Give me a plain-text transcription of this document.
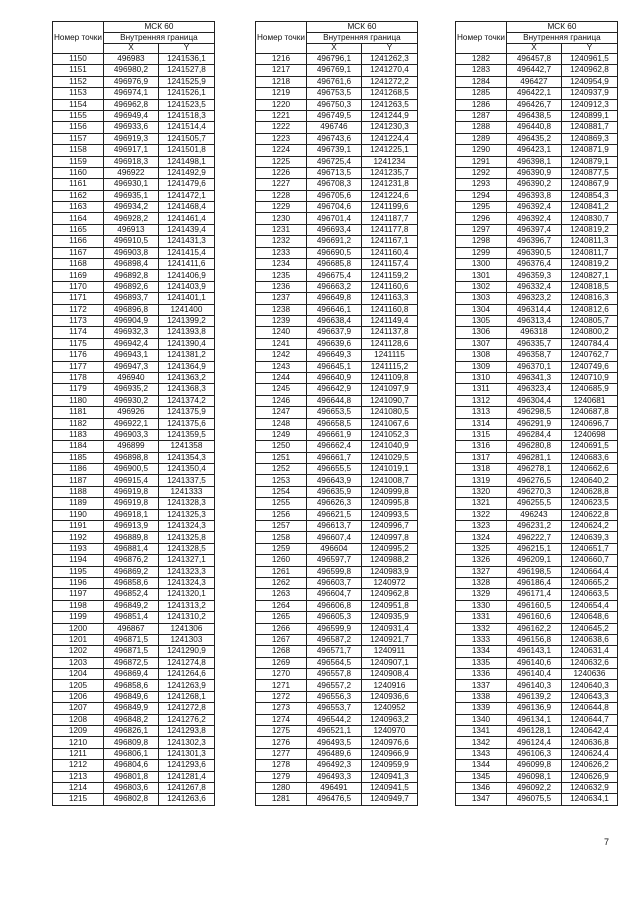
Номер точки	МСК 60	
	Внутренняя граница	
	X	Y
1150	496983	1241536,1
1151	496980,2	1241527,8
1152	496976,9	1241525,9
1153	496974,1	1241526,1
1154	496962,8	1241523,5
1155	496949,4	1241518,3
1156	496933,6	1241514,4
1157	496919,3	1241505,7
1158	496917,1	1241501,8
1159	496918,3	1241498,1
1160	496922	1241492,9
1161	496930,1	1241479,6
1162	496935,1	1241472,1
1163	496934,2	1241468,4
1164	496928,2	1241461,4
1165	496913	1241439,4
1166	496910,5	1241431,3
1167	496903,8	1241415,4
1168	496898,4	1241411,6
1169	496892,8	1241406,9
1170	496892,6	1241403,9
1171	496893,7	1241401,1
1172	496896,8	1241400
1173	496904,9	1241399,2
1174	496932,3	1241393,8
1175	496942,4	1241390,4
1176	496943,1	1241381,2
1177	496947,3	1241364,9
1178	496940	1241363,2
1179	496935,2	1241368,3
1180	496930,2	1241374,2
1181	496926	1241375,9
1182	496922,1	1241375,6
1183	496903,3	1241359,5
1184	496899	1241358
1185	496898,8	1241354,3
1186	496900,5	1241350,4
1187	496915,4	1241337,5
1188	496919,8	1241333
1189	496919,8	1241328,3
1190	496918,1	1241325,3
1191	496913,9	1241324,3
1192	496889,8	1241325,8
1193	496881,4	1241328,5
1194	496876,2	1241327,1
1195	496869,2	1241323,3
1196	496858,6	1241324,3
1197	496852,4	1241320,1
1198	496849,2	1241313,2
1199	496851,4	1241310,2
1200	496867	1241306
1201	496871,5	1241303
1202	496871,5	1241290,9
1203	496872,5	1241274,8
1204	496869,4	1241264,6
1205	496858,6	1241263,9
1206	496849,6	1241268,1
1207	496849,9	1241272,8
1208	496848,2	1241276,2
1209	496826,1	1241293,8
1210	496809,8	1241302,3
1211	496806,1	1241301,3
1212	496804,6	1241293,6
1213	496801,8	1241281,4
1214	496803,6	1241267,8
1215	496802,8	1241263,6
Номер точки	МСК 60	
	Внутренняя граница	
	X	Y
1216	496796,1	1241262,3
1217	496769,1	1241270,4
1218	496761,6	1241272,2
1219	496753,5	1241268,5
1220	496750,3	1241263,5
1221	496749,5	1241244,9
1222	496746	1241230,3
1223	496743,6	1241224,4
1224	496739,1	1241225,1
1225	496725,4	1241234
1226	496713,5	1241235,7
1227	496708,3	1241231,8
1228	496705,6	1241224,6
1229	496704,6	1241199,6
1230	496701,4	1241187,7
1231	496693,4	1241177,8
1232	496691,2	1241167,1
1233	496690,5	1241160,4
1234	496685,8	1241157,4
1235	496675,4	1241159,2
1236	496663,2	1241160,6
1237	496649,8	1241163,3
1238	496646,1	1241160,8
1239	496638,4	1241149,4
1240	496637,9	1241137,8
1241	496639,6	1241128,6
1242	496649,3	1241115
1243	496645,1	1241115,2
1244	496640,9	1241109,8
1245	496642,9	1241097,9
1246	496644,8	1241090,7
1247	496653,5	1241080,5
1248	496658,5	1241067,6
1249	496661,9	1241052,3
1250	496662,4	1241040,9
1251	496661,7	1241029,5
1252	496655,5	1241019,1
1253	496643,9	1241008,7
1254	496635,9	1240999,8
1255	496626,3	1240995,8
1256	496621,5	1240993,5
1257	496613,7	1240996,7
1258	496607,4	1240997,8
1259	496604	1240995,2
1260	496597,7	1240988,2
1261	496599,8	1240983,9
1262	496603,7	1240972
1263	496604,7	1240962,8
1264	496606,8	1240951,8
1265	496605,3	1240935,9
1266	496599,9	1240931,4
1267	496587,2	1240921,7
1268	496571,7	1240911
1269	496564,5	1240907,1
1270	496557,8	1240908,4
1271	496557,2	1240916
1272	496556,3	1240936,6
1273	496553,7	1240952
1274	496544,2	1240963,2
1275	496521,1	1240970
1276	496493,5	1240976,6
1277	496489,6	1240966,9
1278	496492,3	1240959,9
1279	496493,3	1240941,3
1280	496491	1240941,5
1281	496476,5	1240949,7
Номер точки	МСК 60	
	Внутренняя граница	
	X	Y
1282	496457,8	1240961,5
1283	496442,7	1240962,8
1284	496427	1240954,9
1285	496422,1	1240937,9
1286	496426,7	1240912,3
1287	496438,5	1240899,1
1288	496440,8	1240881,7
1289	496435,2	1240869,3
1290	496423,1	1240871,9
1291	496398,1	1240879,1
1292	496390,9	1240877,5
1293	496390,2	1240867,9
1294	496393,8	1240854,3
1295	496392,4	1240841,2
1296	496392,4	1240830,7
1297	496397,4	1240819,2
1298	496396,7	1240811,3
1299	496390,5	1240811,7
1300	496376,4	1240819,2
1301	496359,3	1240827,1
1302	496332,4	1240818,5
1303	496323,2	1240816,3
1304	496314,4	1240812,6
1305	496313,4	1240805,7
1306	496318	1240800,2
1307	496335,7	1240784,4
1308	496358,7	1240762,7
1309	496370,1	1240749,6
1310	496341,3	1240710,9
1311	496323,4	1240685,9
1312	496304,4	1240681
1313	496298,5	1240687,8
1314	496291,9	1240696,7
1315	496284,4	1240698
1316	496280,8	1240691,5
1317	496281,1	1240683,6
1318	496278,1	1240662,6
1319	496276,5	1240640,2
1320	496270,3	1240628,8
1321	496255,5	1240623,5
1322	496243	1240622,8
1323	496231,2	1240624,2
1324	496222,7	1240639,3
1325	496215,1	1240651,7
1326	496209,1	1240660,7
1327	496198,5	1240664,4
1328	496186,4	1240665,2
1329	496171,4	1240663,5
1330	496160,5	1240654,4
1331	496160,6	1240648,6
1332	496162,2	1240645,2
1333	496156,8	1240638,6
1334	496143,1	1240631,4
1335	496140,6	1240632,6
1336	496140,4	1240636
1337	496140,3	1240640,3
1338	496139,2	1240643,3
1339	496136,9	1240644,8
1340	496134,1	1240644,7
1341	496128,1	1240642,4
1342	496124,4	1240636,8
1343	496106,3	1240624,4
1344	496099,8	1240626,2
1345	496098,1	1240626,9
1346	496092,2	1240632,9
1347	496075,5	1240634,1
7
